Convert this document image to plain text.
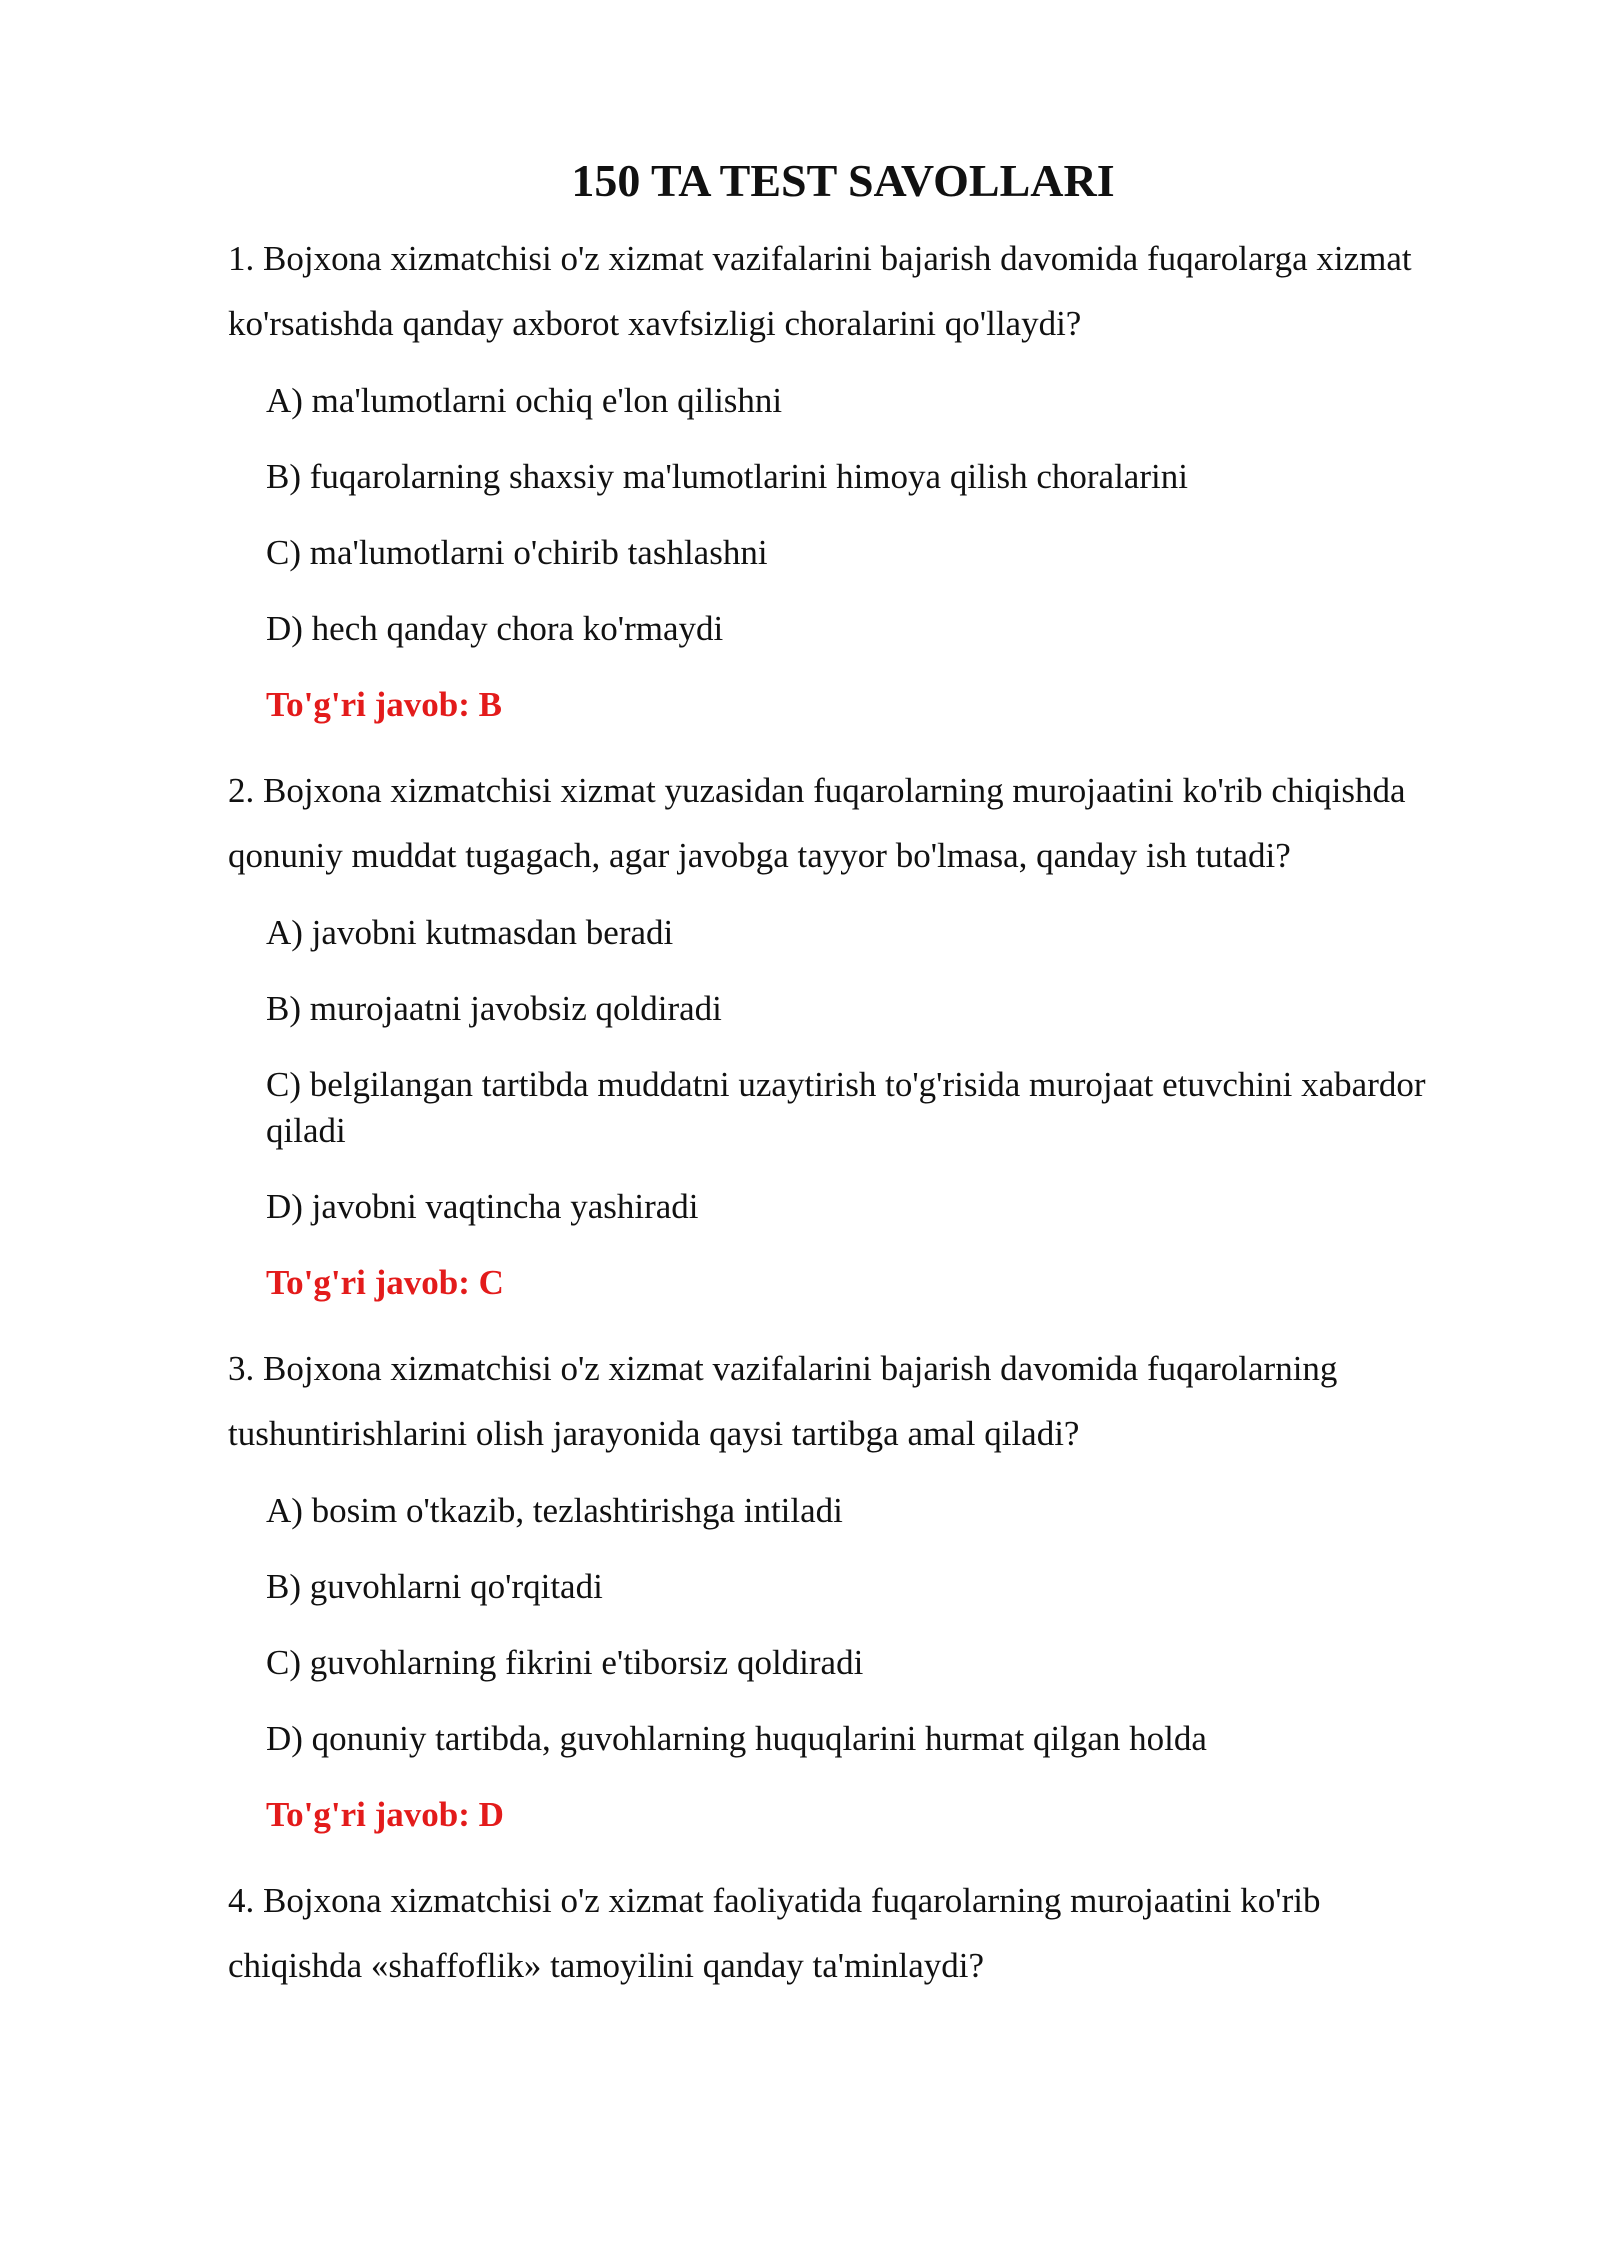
150 TA TEST SAVOLLARI

1. Bojxona xizmatchisi o'z xizmat vazifalarini bajarish davomida fuqarolarga xizmat ko'rsatishda qanday axborot xavfsizligi choralarini qo'llaydi?

A) ma'lumotlarni ochiq e'lon qilishni

B) fuqarolarning shaxsiy ma'lumotlarini himoya qilish choralarini

C) ma'lumotlarni o'chirib tashlashni

D) hech qanday chora ko'rmaydi

To'g'ri javob: B

2. Bojxona xizmatchisi xizmat yuzasidan fuqarolarning murojaatini ko'rib chiqishda qonuniy muddat tugagach, agar javobga tayyor bo'lmasa, qanday ish tutadi?

A) javobni kutmasdan beradi

B) murojaatni javobsiz qoldiradi

C) belgilangan tartibda muddatni uzaytirish to'g'risida murojaat etuvchini xabardor qiladi

D) javobni vaqtincha yashiradi

To'g'ri javob: C

3. Bojxona xizmatchisi o'z xizmat vazifalarini bajarish davomida fuqarolarning tushuntirishlarini olish jarayonida qaysi tartibga amal qiladi?

A) bosim o'tkazib, tezlashtirishga intiladi

B) guvohlarni qo'rqitadi

C) guvohlarning fikrini e'tiborsiz qoldiradi

D) qonuniy tartibda, guvohlarning huquqlarini hurmat qilgan holda

To'g'ri javob: D

4. Bojxona xizmatchisi o'z xizmat faoliyatida fuqarolarning murojaatini ko'rib chiqishda «shaffoflik» tamoyilini qanday ta'minlaydi?
